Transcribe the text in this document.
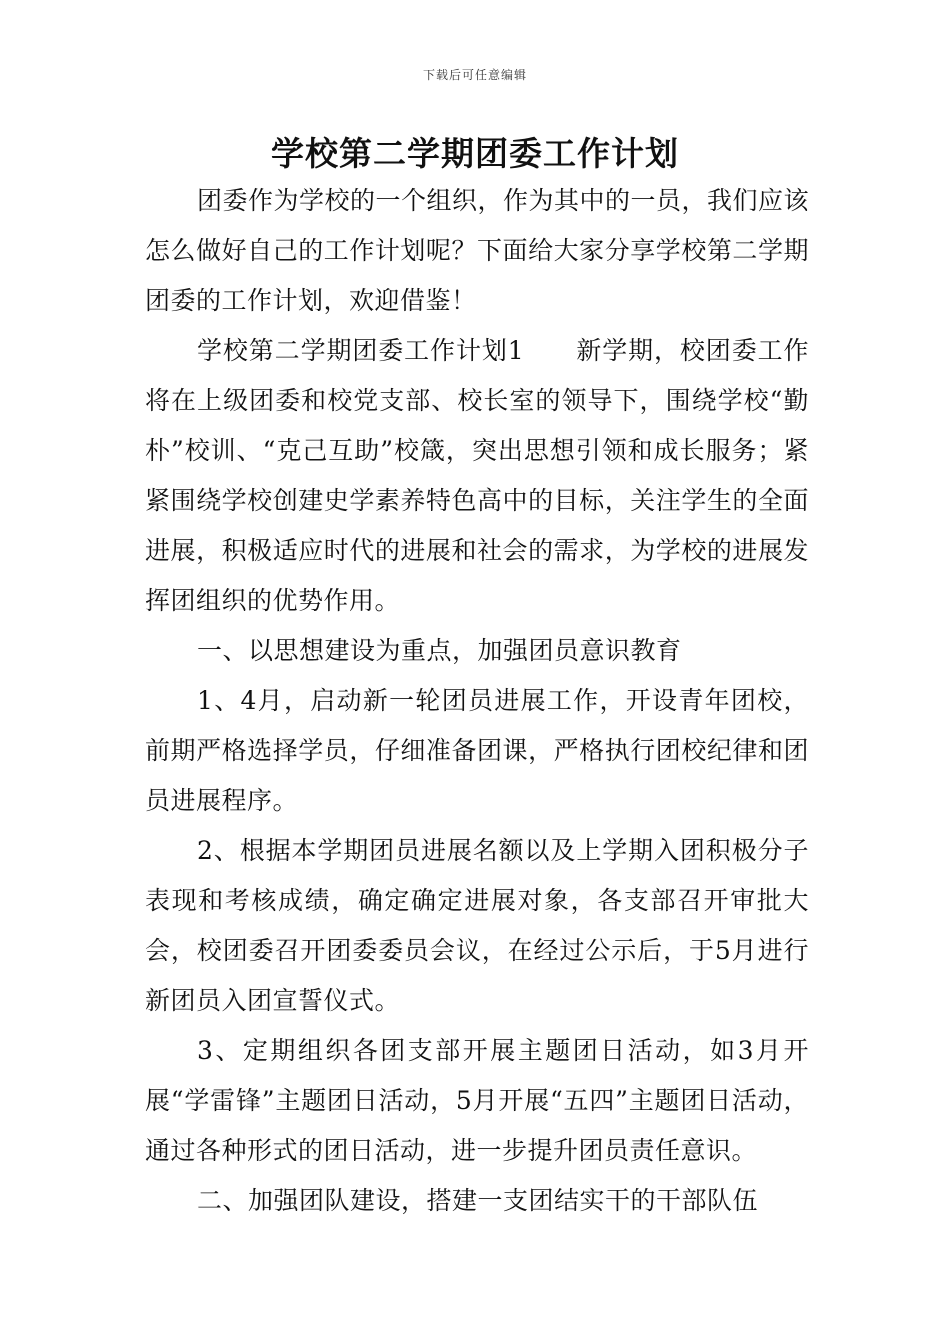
下载后可任意编辑
学校第二学期团委工作计划

团委作为学校的一个组织，作为其中的一员，我们应该怎么做好自己的工作计划呢？下面给大家分享学校第二学期团委的工作计划，欢迎借鉴！

学校第二学期团委工作计划1　　新学期，校团委工作将在上级团委和校党支部、校长室的领导下，围绕学校“勤朴”校训、“克己互助”校箴，突出思想引领和成长服务；紧紧围绕学校创建史学素养特色高中的目标，关注学生的全面进展，积极适应时代的进展和社会的需求，为学校的进展发挥团组织的优势作用。

一、以思想建设为重点，加强团员意识教育

1、4月，启动新一轮团员进展工作，开设青年团校，前期严格选择学员，仔细准备团课，严格执行团校纪律和团员进展程序。

2、根据本学期团员进展名额以及上学期入团积极分子表现和考核成绩，确定确定进展对象，各支部召开审批大会，校团委召开团委委员会议，在经过公示后，于5月进行新团员入团宣誓仪式。

3、定期组织各团支部开展主题团日活动，如3月开展“学雷锋”主题团日活动，5月开展“五四”主题团日活动，通过各种形式的团日活动，进一步提升团员责任意识。

二、加强团队建设，搭建一支团结实干的干部队伍
